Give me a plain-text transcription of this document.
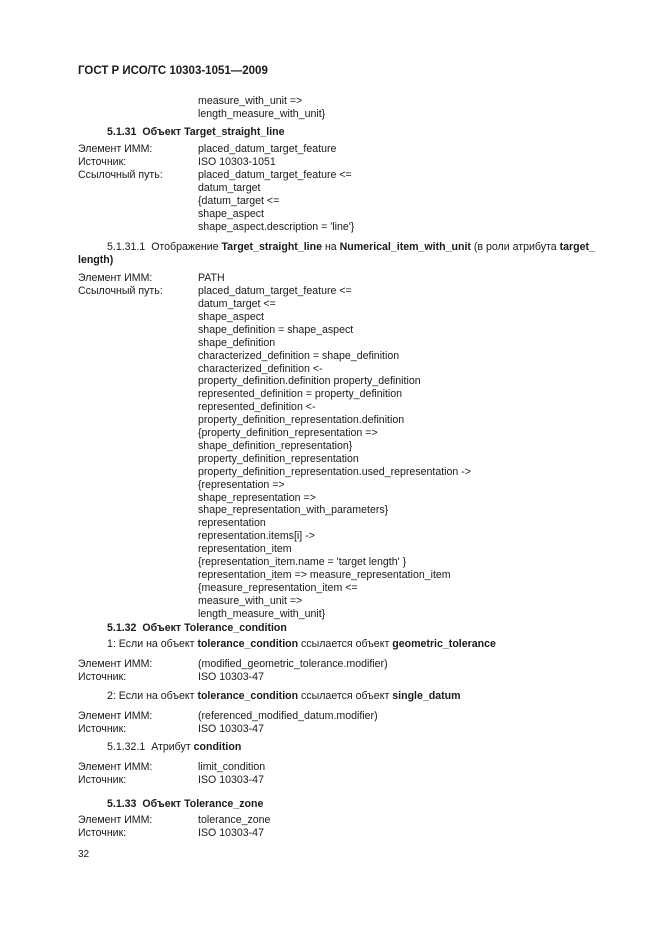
ГОСТ Р ИСО/ТС 10303-1051—2009
measure_with_unit =>
length_measure_with_unit}
5.1.31 Объект Target_straight_line
Элемент ИММ:	placed_datum_target_feature
Источник:	ISO 10303-1051
Ссылочный путь:	placed_datum_target_feature <=
datum_target
{datum_target <=
shape_aspect
shape_aspect.description = 'line'}
5.1.31.1 Отображение Target_straight_line на Numerical_item_with_unit (в роли атрибута target_
length)
Элемент ИММ:	PATH
Ссылочный путь:	placed_datum_target_feature <=
datum_target <=
shape_aspect
shape_definition = shape_aspect
shape_definition
characterized_definition = shape_definition
characterized_definition <-
property_definition.definition property_definition
represented_definition = property_definition
represented_definition <-
property_definition_representation.definition
{property_definition_representation =>
shape_definition_representation}
property_definition_representation
property_definition_representation.used_representation ->
{representation =>
shape_representation =>
shape_representation_with_parameters}
representation
representation.items[i] ->
representation_item
{representation_item.name = 'target length' }
representation_item => measure_representation_item
{measure_representation_item <=
measure_with_unit =>
length_measure_with_unit}
5.1.32 Объект Tolerance_condition
1: Если на объект tolerance_condition ссылается объект geometric_tolerance
Элемент ИММ:	(modified_geometric_tolerance.modifier)
Источник:	ISO 10303-47
2: Если на объект tolerance_condition ссылается объект single_datum
Элемент ИММ:	(referenced_modified_datum.modifier)
Источник:	ISO 10303-47
5.1.32.1 Атрибут condition
Элемент ИММ:	limit_condition
Источник:	ISO 10303-47
5.1.33 Объект Tolerance_zone
Элемент ИММ:	tolerance_zone
Источник:	ISO 10303-47
32
